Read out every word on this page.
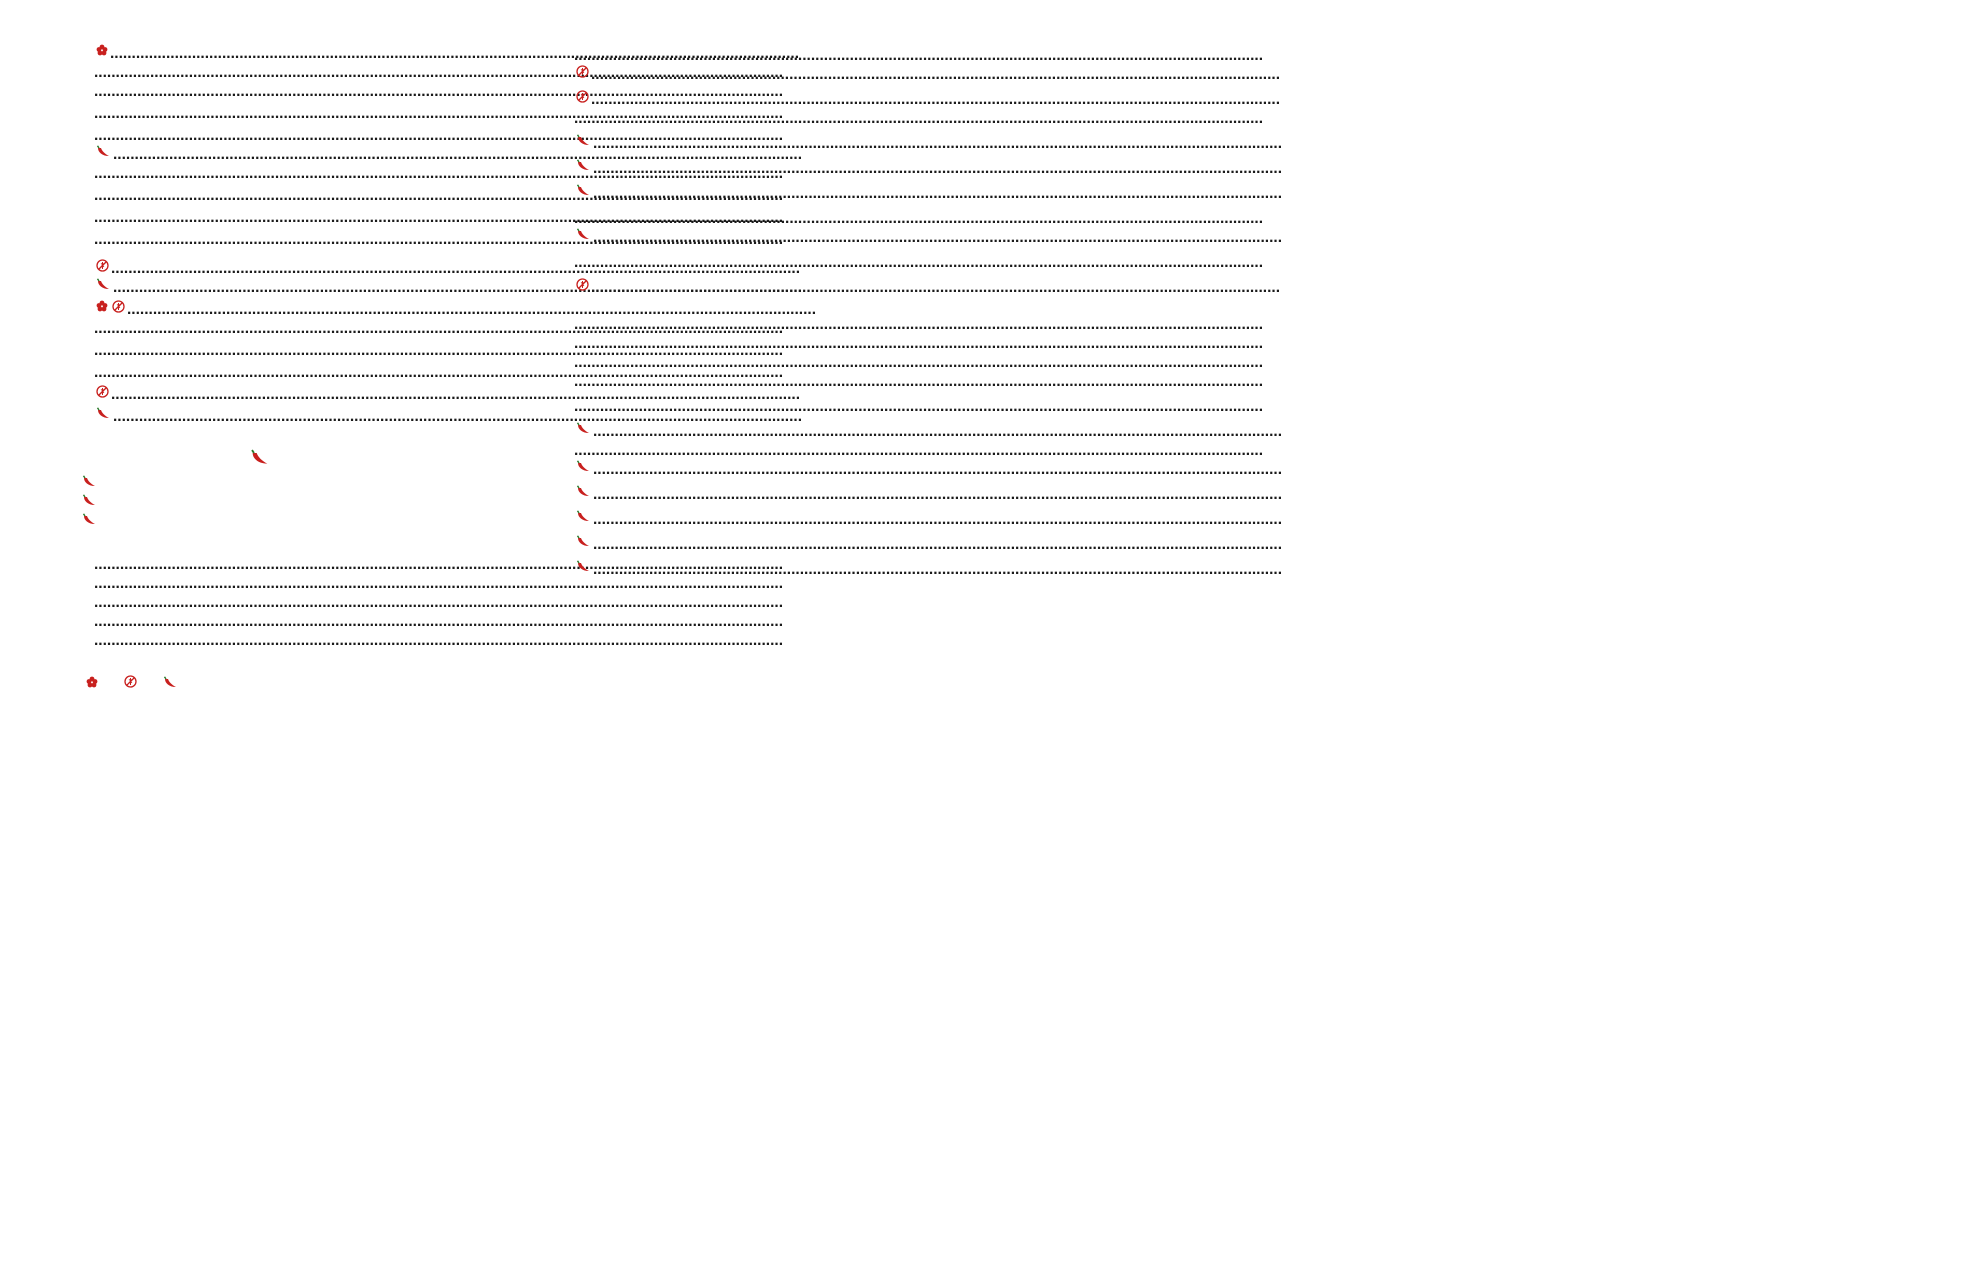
.....
.....
.....
.....
.....
.....
.....
.....
.....
.....
.....
.....
.....
.....
.....
.....
.....
.....
.....
.....
.....
.....
.....
.....
.....
.....
.....
.....
.....
.....
.....
.....
.....
.....
.....
.....
.....
.....
.....
.....
.....
.....
.....
.....
.....
.....
